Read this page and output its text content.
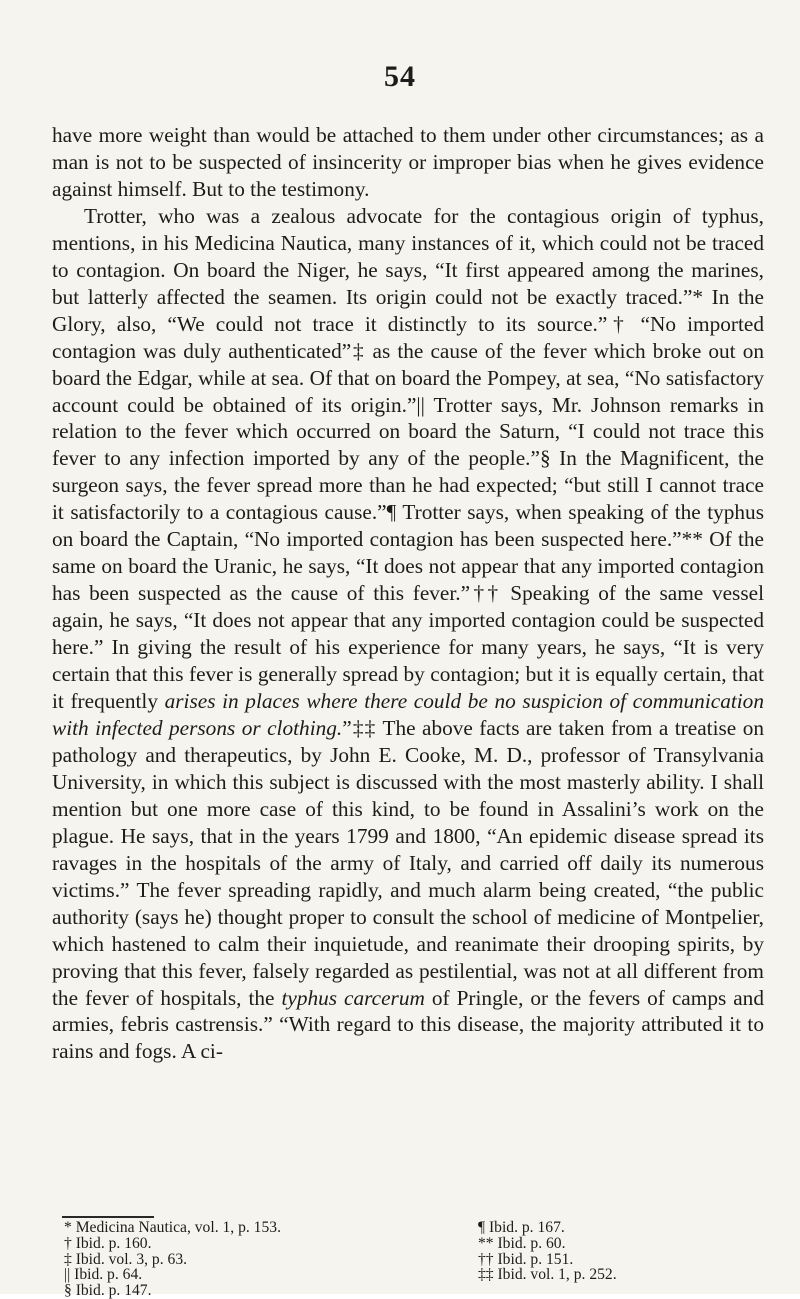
54

have more weight than would be attached to them under other circumstances; as a man is not to be suspected of insincerity or improper bias when he gives evidence against himself. But to the testimony.

Trotter, who was a zealous advocate for the contagious origin of typhus, mentions, in his Medicina Nautica, many instances of it, which could not be traced to contagion. On board the Niger, he says, “It first appeared among the marines, but latterly affected the seamen. Its origin could not be exactly traced.”* In the Glory, also, “We could not trace it distinctly to its source.”† “No imported contagion was duly authenticated”‡ as the cause of the fever which broke out on board the Edgar, while at sea. Of that on board the Pompey, at sea, “No satisfactory account could be obtained of its origin.”|| Trotter says, Mr. Johnson remarks in relation to the fever which occurred on board the Saturn, “I could not trace this fever to any infection imported by any of the people.”§ In the Magnificent, the surgeon says, the fever spread more than he had expected; “but still I cannot trace it satisfactorily to a contagious cause.”¶ Trotter says, when speaking of the typhus on board the Captain, “No imported contagion has been suspected here.”** Of the same on board the Uranic, he says, “It does not appear that any imported contagion has been suspected as the cause of this fever.”†† Speaking of the same vessel again, he says, “It does not appear that any imported contagion could be suspected here.” In giving the result of his experience for many years, he says, “It is very certain that this fever is generally spread by contagion; but it is equally certain, that it frequently arises in places where there could be no suspicion of communication with infected persons or clothing.”‡‡ The above facts are taken from a treatise on pathology and therapeutics, by John E. Cooke, M. D., professor of Transylvania University, in which this subject is discussed with the most masterly ability. I shall mention but one more case of this kind, to be found in Assalini’s work on the plague. He says, that in the years 1799 and 1800, “An epidemic disease spread its ravages in the hospitals of the army of Italy, and carried off daily its numerous victims.” The fever spreading rapidly, and much alarm being created, “the public authority (says he) thought proper to consult the school of medicine of Montpelier, which hastened to calm their inquietude, and reanimate their drooping spirits, by proving that this fever, falsely regarded as pestilential, was not at all different from the fever of hospitals, the typhus carcerum of Pringle, or the fevers of camps and armies, febris castrensis.” “With regard to this disease, the majority attributed it to rains and fogs. A ci-

* Medicina Nautica, vol. 1, p. 153.
† Ibid. p. 160.
‡ Ibid. vol. 3, p. 63.
|| Ibid. p. 64.
§ Ibid. p. 147.
¶ Ibid. p. 167.
** Ibid. p. 60.
†† Ibid. p. 151.
‡‡ Ibid. vol. 1, p. 252.
